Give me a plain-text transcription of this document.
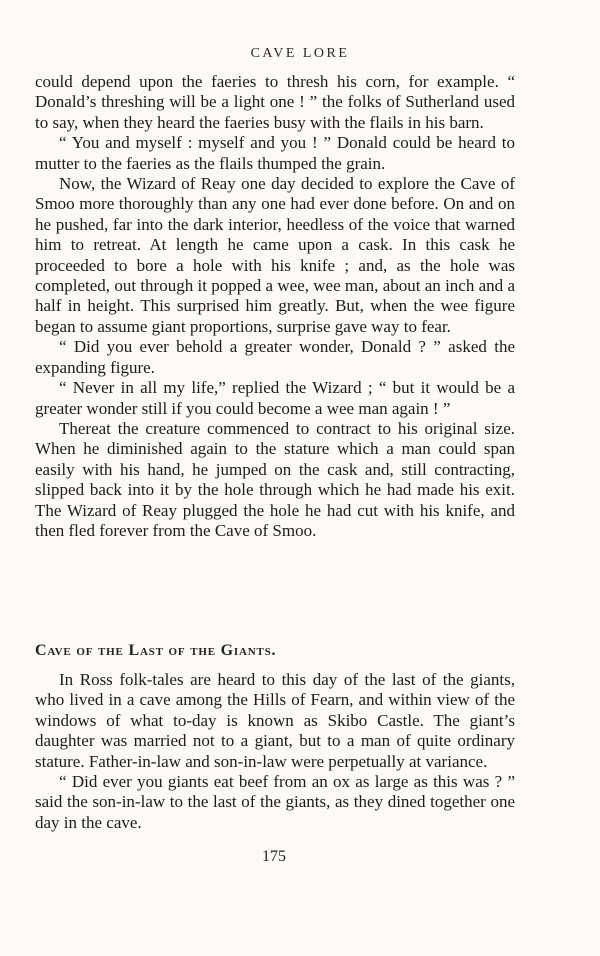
CAVE LORE

could depend upon the faeries to thresh his corn, for example. “ Donald’s threshing will be a light one ! ” the folks of Sutherland used to say, when they heard the faeries busy with the flails in his barn.

“ You and myself : myself and you ! ” Donald could be heard to mutter to the faeries as the flails thumped the grain.

Now, the Wizard of Reay one day decided to explore the Cave of Smoo more thoroughly than any one had ever done before. On and on he pushed, far into the dark interior, heedless of the voice that warned him to retreat. At length he came upon a cask. In this cask he proceeded to bore a hole with his knife ; and, as the hole was completed, out through it popped a wee, wee man, about an inch and a half in height. This surprised him greatly. But, when the wee figure began to assume giant proportions, surprise gave way to fear.

“ Did you ever behold a greater wonder, Donald ? ” asked the expanding figure.

“ Never in all my life,” replied the Wizard ; “ but it would be a greater wonder still if you could become a wee man again ! ”

Thereat the creature commenced to contract to his original size. When he diminished again to the stature which a man could span easily with his hand, he jumped on the cask and, still contracting, slipped back into it by the hole through which he had made his exit. The Wizard of Reay plugged the hole he had cut with his knife, and then fled forever from the Cave of Smoo.

Cave of the Last of the Giants.

In Ross folk-tales are heard to this day of the last of the giants, who lived in a cave among the Hills of Fearn, and within view of the windows of what to-day is known as Skibo Castle. The giant’s daughter was married not to a giant, but to a man of quite ordinary stature. Father-in-law and son-in-law were perpetually at variance.

“ Did ever you giants eat beef from an ox as large as this was ? ” said the son-in-law to the last of the giants, as they dined together one day in the cave.

175
